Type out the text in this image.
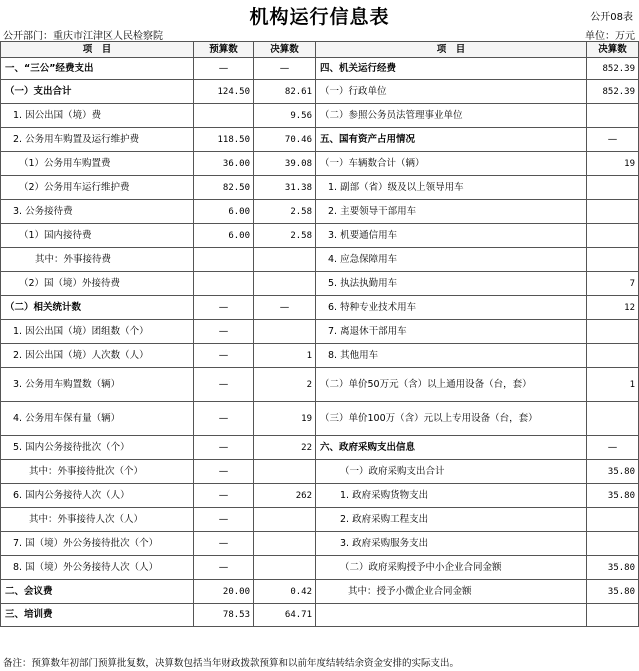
机构运行信息表	公开08表
公开部门：重庆市江津区人民检察院	单位：万元
项　目	预算数	决算数	项　目	决算数
一、“三公”经费支出	—	—	四、机关运行经费	852.39
（一）支出合计	124.50	82.61	（一）行政单位	852.39
1. 因公出国（境）费		9.56	（二）参照公务员法管理事业单位	
2. 公务用车购置及运行维护费	118.50	70.46	五、国有资产占用情况	—
（1）公务用车购置费	36.00	39.08	（一）车辆数合计（辆）	19
（2）公务用车运行维护费	82.50	31.38	1. 副部（省）级及以上领导用车	
3. 公务接待费	6.00	2.58	2. 主要领导干部用车	
（1）国内接待费	6.00	2.58	3. 机要通信用车	
其中：外事接待费			4. 应急保障用车	
（2）国（境）外接待费			5. 执法执勤用车	7
（二）相关统计数	—	—	6. 特种专业技术用车	12
1. 因公出国（境）团组数（个）	—		7. 离退休干部用车	
2. 因公出国（境）人次数（人）	—	1	8. 其他用车	
3. 公务用车购置数（辆）	—	2	（二）单价50万元（含）以上通用设备（台，套）	1
4. 公务用车保有量（辆）	—	19	（三）单价100万（含）元以上专用设备（台，套）	
5. 国内公务接待批次（个）	—	22	六、政府采购支出信息	—
其中：外事接待批次（个）	—		（一）政府采购支出合计	35.80
6. 国内公务接待人次（人）	—	262	1. 政府采购货物支出	35.80
其中：外事接待人次（人）	—		2. 政府采购工程支出	
7. 国（境）外公务接待批次（个）	—		3. 政府采购服务支出	
8. 国（境）外公务接待人次（人）	—		（二）政府采购授予中小企业合同金额	35.80
二、会议费	20.00	0.42	其中：授予小微企业合同金额	35.80
三、培训费	78.53	64.71		
备注：预算数年初部门预算批复数，决算数包括当年财政拨款预算和以前年度结转结余资金安排的实际支出。
